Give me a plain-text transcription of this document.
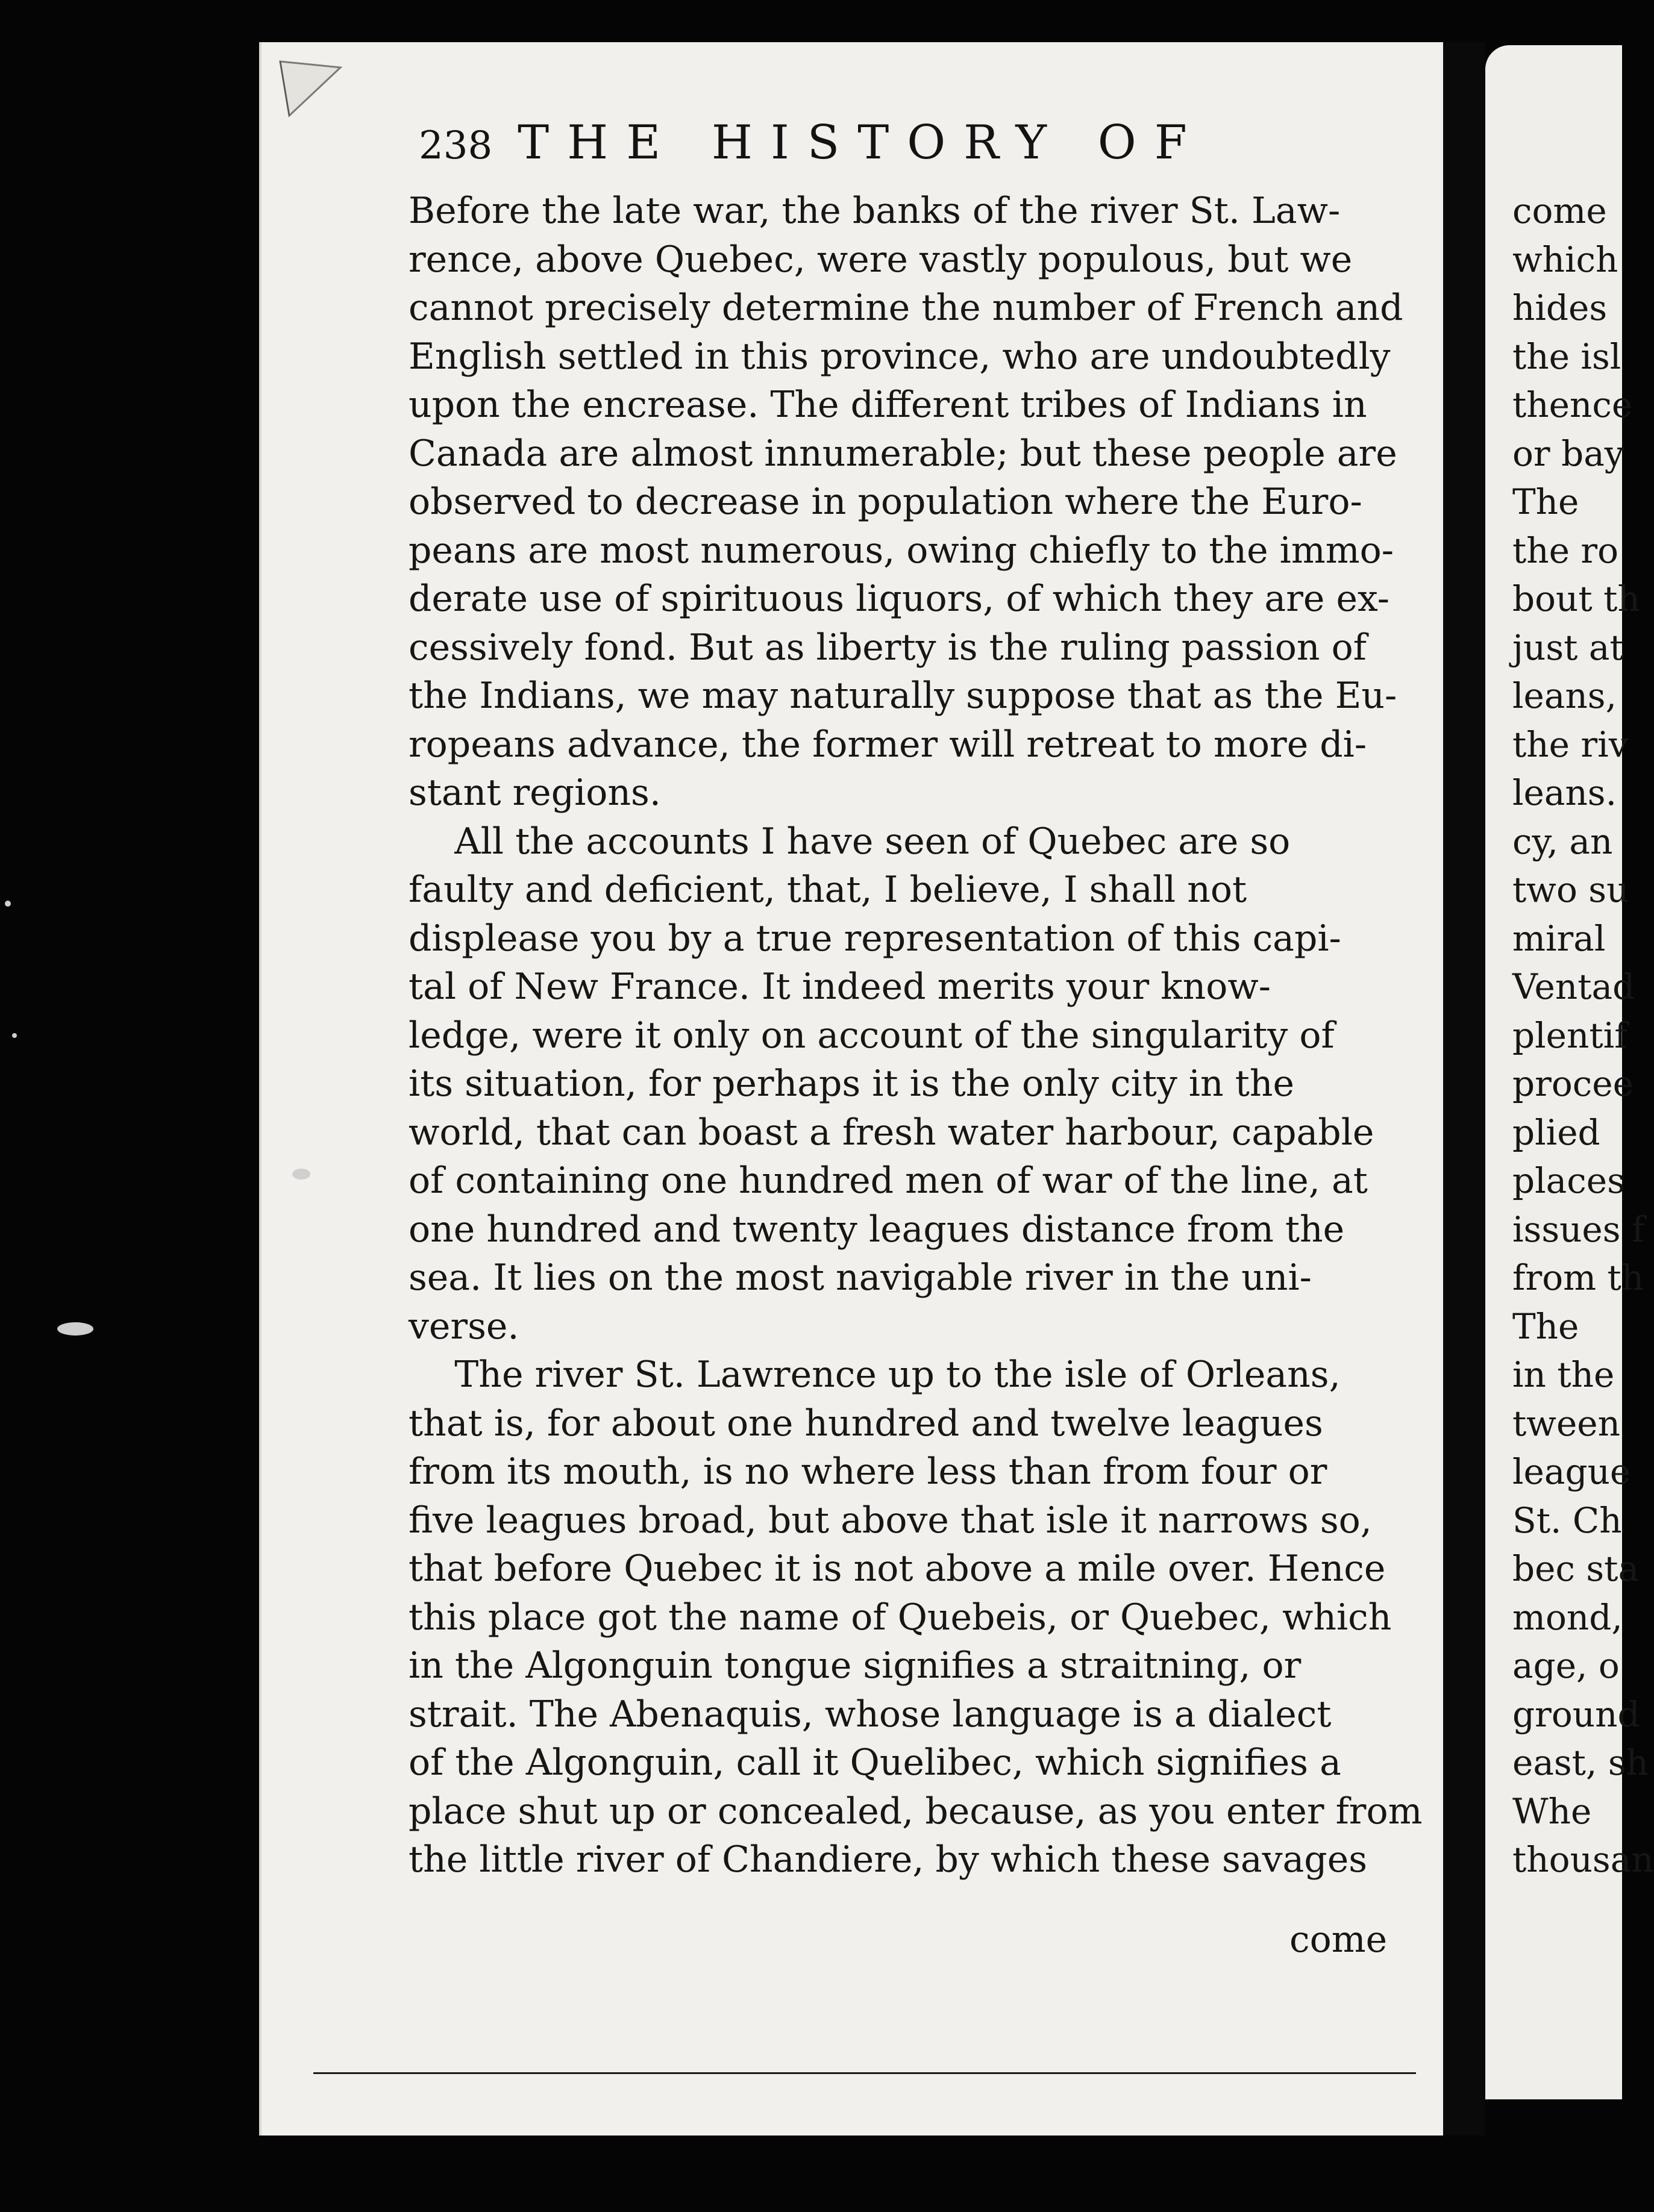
238 THE HISTORY OF
Before the late war, the banks of the river St. Law-
rence, above Quebec, were vastly populous, but we
cannot precisely determine the number of French and
English settled in this province, who are undoubtedly
upon the encrease. The different tribes of Indians in
Canada are almost innumerable; but these people are
observed to decrease in population where the Euro-
peans are most numerous, owing chiefly to the immo-
derate use of spirituous liquors, of which they are ex-
cessively fond. But as liberty is the ruling passion of
the Indians, we may naturally suppose that as the Eu-
ropeans advance, the former will retreat to more di-
stant regions.
All the accounts I have seen of Quebec are so
faulty and deficient, that, I believe, I shall not
displease you by a true representation of this capi-
tal of New France. It indeed merits your know-
ledge, were it only on account of the singularity of
its situation, for perhaps it is the only city in the
world, that can boast a fresh water harbour, capable
of containing one hundred men of war of the line, at
one hundred and twenty leagues distance from the
sea. It lies on the most navigable river in the uni-
verse.
The river St. Lawrence up to the isle of Orleans,
that is, for about one hundred and twelve leagues
from its mouth, is no where less than from four or
five leagues broad, but above that isle it narrows so,
that before Quebec it is not above a mile over. Hence
this place got the name of Quebeis, or Quebec, which
in the Algonguin tongue signifies a straitning, or
strait. The Abenaquis, whose language is a dialect
of the Algonguin, call it Quelibec, which signifies a
place shut up or concealed, because, as you enter from
the little river of Chandiere, by which these savages
come
come
which
hides
the isl
thence
or bay
The
the ro
bout th
just at
leans,
the riv
leans.
cy, an
two su
miral
Ventad
plentif
procee
plied
places
issues f
from th
The
in the
tween
league
St. Ch
bec sta
mond,
age, o
ground
east, sh
Whe
thousan
